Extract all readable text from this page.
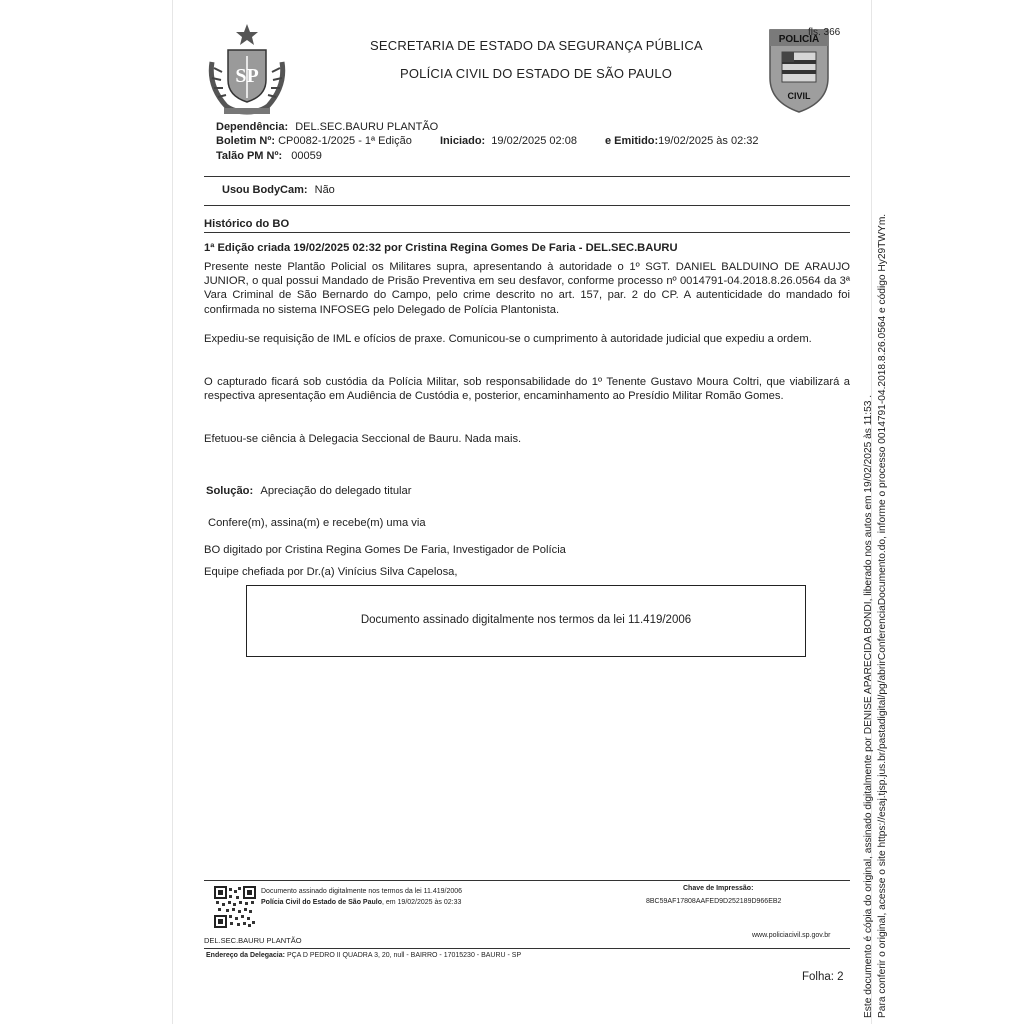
SP
SECRETARIA DE ESTADO DA SEGURANÇA PÚBLICA
POLÍCIA CIVIL DO ESTADO DE SÃO PAULO
POLICIA
CIVIL
fls. 366
Dependência: DEL.SEC.BAURU PLANTÃO
Boletim Nº: CP0082-1/2025 - 1ª Edição	Iniciado: 19/02/2025 02:08	e Emitido:19/02/2025 às 02:32
Talão PM Nº: 00059
Usou BodyCam: Não
Histórico do BO
1ª Edição criada 19/02/2025 02:32 por Cristina Regina Gomes De Faria - DEL.SEC.BAURU
Presente neste Plantão Policial os Militares supra, apresentando à autoridade o 1º SGT. DANIEL BALDUINO DE ARAUJO JUNIOR, o qual possui Mandado de Prisão Preventiva em seu desfavor, conforme processo nº 0014791-04.2018.8.26.0564 da 3ª Vara Criminal de São Bernardo do Campo, pelo crime descrito no art. 157, par. 2 do CP. A autenticidade do mandado foi confirmada no sistema INFOSEG pelo Delegado de Polícia Plantonista.
Expediu-se requisição de IML e ofícios de praxe. Comunicou-se o cumprimento à autoridade judicial que expediu a ordem.
O capturado ficará sob custódia da Polícia Militar, sob responsabilidade do 1º Tenente Gustavo Moura Coltri, que viabilizará a respectiva apresentação em Audiência de Custódia e, posterior, encaminhamento ao Presídio Militar Romão Gomes.
Efetuou-se ciência à Delegacia Seccional de Bauru. Nada mais.
Solução: Apreciação do delegado titular
Confere(m), assina(m) e recebe(m) uma via
BO digitado por Cristina Regina Gomes De Faria, Investigador de Polícia
Equipe chefiada por Dr.(a) Vinícius Silva Capelosa,
Documento assinado digitalmente nos termos da lei 11.419/2006
Documento assinado digitalmente nos termos da lei 11.419/2006
Polícia Civil do Estado de São Paulo, em 19/02/2025 às 02:33
Chave de Impressão:
8BC59AF17808AAFED9D252189D966EB2
DEL.SEC.BAURU PLANTÃO
www.policiacivil.sp.gov.br
Endereço da Delegacia: PÇA D PEDRO II QUADRA 3, 20, null - BAIRRO - 17015230 - BAURU - SP
Folha: 2 Este documento é cópia do original, assinado digitalmente por DENISE APARECIDA BONDI, liberado nos autos em 19/02/2025 às 11:53 . Para conferir o original, acesse o site https://esaj.tjsp.jus.br/pastadigital/pg/abrirConferenciaDocumento.do, informe o processo 0014791-04.2018.8.26.0564 e código Hy29TWYm.
